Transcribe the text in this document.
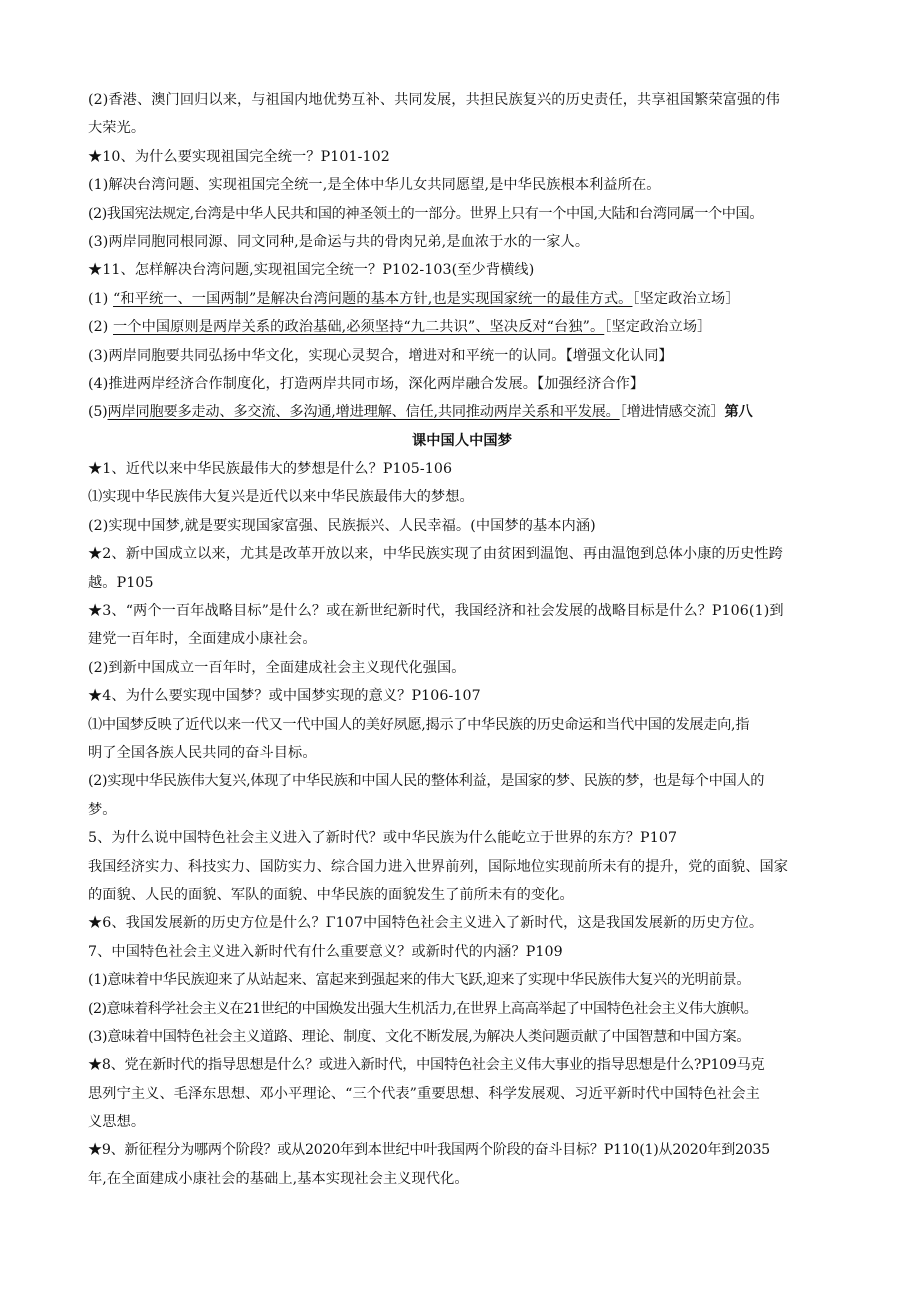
(2)香港、澳门回归以来，与祖国内地优势互补、共同发展，共担民族复兴的历史责任，共享祖国繁荣富强的伟
大荣光。
★10、为什么要实现祖国完全统一？P101-102
(1)解决台湾问题、实现祖国完全统一,是全体中华儿女共同愿望,是中华民族根本利益所在。
(2)我国宪法规定,台湾是中华人民共和国的神圣领土的一部分。世界上只有一个中国,大陆和台湾同属一个中国。
(3)两岸同胞同根同源、同文同种,是命运与共的骨肉兄弟,是血浓于水的一家人。
★11、怎样解决台湾问题,实现祖国完全统一？P102-103(至少背横线)
(1) “和平统一、一国两制”是解决台湾问题的基本方针,也是实现国家统一的最佳方式。［坚定政治立场］
(2) 一个中国原则是两岸关系的政治基础,必须坚持“九二共识”、坚决反对“台独”。［坚定政治立场］
(3)两岸同胞要共同弘扬中华文化，实现心灵契合，增进对和平统一的认同。【增强文化认同】
(4)推进两岸经济合作制度化，打造两岸共同市场，深化两岸融合发展。【加强经济合作】
(5)两岸同胞要多走动、多交流、多沟通,增进理解、信任,共同推动两岸关系和平发展。［增进情感交流］第八
课中国人中国梦
★1、近代以来中华民族最伟大的梦想是什么？P105-106
⑴实现中华民族伟大复兴是近代以来中华民族最伟大的梦想。
(2)实现中国梦,就是要实现国家富强、民族振兴、人民幸福。(中国梦的基本内涵)
★2、新中国成立以来，尤其是改革开放以来，中华民族实现了由贫困到温饱、再由温饱到总体小康的历史性跨
越。P105
★3、“两个一百年战略目标”是什么？或在新世纪新时代，我国经济和社会发展的战略目标是什么？P106(1)到
建党一百年时，全面建成小康社会。
(2)到新中国成立一百年时，全面建成社会主义现代化强国。
★4、为什么要实现中国梦？或中国梦实现的意义？P106-107
⑴中国梦反映了近代以来一代又一代中国人的美好夙愿,揭示了中华民族的历史命运和当代中国的发展走向,指
明了全国各族人民共同的奋斗目标。
(2)实现中华民族伟大复兴,体现了中华民族和中国人民的整体利益，是国家的梦、民族的梦，也是每个中国人的
梦。
5、为什么说中国特色社会主义进入了新时代？或中华民族为什么能屹立于世界的东方？P107
我国经济实力、科技实力、国防实力、综合国力进入世界前列，国际地位实现前所未有的提升，党的面貌、国家
的面貌、人民的面貌、军队的面貌、中华民族的面貌发生了前所未有的变化。
★6、我国发展新的历史方位是什么？Γ107中国特色社会主义进入了新时代，这是我国发展新的历史方位。
7、中国特色社会主义进入新时代有什么重要意义？或新时代的内涵？P109
(1)意味着中华民族迎来了从站起来、富起来到强起来的伟大飞跃,迎来了实现中华民族伟大复兴的光明前景。
(2)意味着科学社会主义在21世纪的中国焕发出强大生机活力,在世界上高高举起了中国特色社会主义伟大旗帜。
(3)意味着中国特色社会主义道路、理论、制度、文化不断发展,为解决人类问题贡献了中国智慧和中国方案。
★8、党在新时代的指导思想是什么？或进入新时代，中国特色社会主义伟大事业的指导思想是什么?P109马克
思列宁主义、毛泽东思想、邓小平理论、“三个代表”重要思想、科学发展观、习近平新时代中国特色社会主
义思想。
★9、新征程分为哪两个阶段？或从2020年到本世纪中叶我国两个阶段的奋斗目标？P110(1)从2020年到2035
年,在全面建成小康社会的基础上,基本实现社会主义现代化。
